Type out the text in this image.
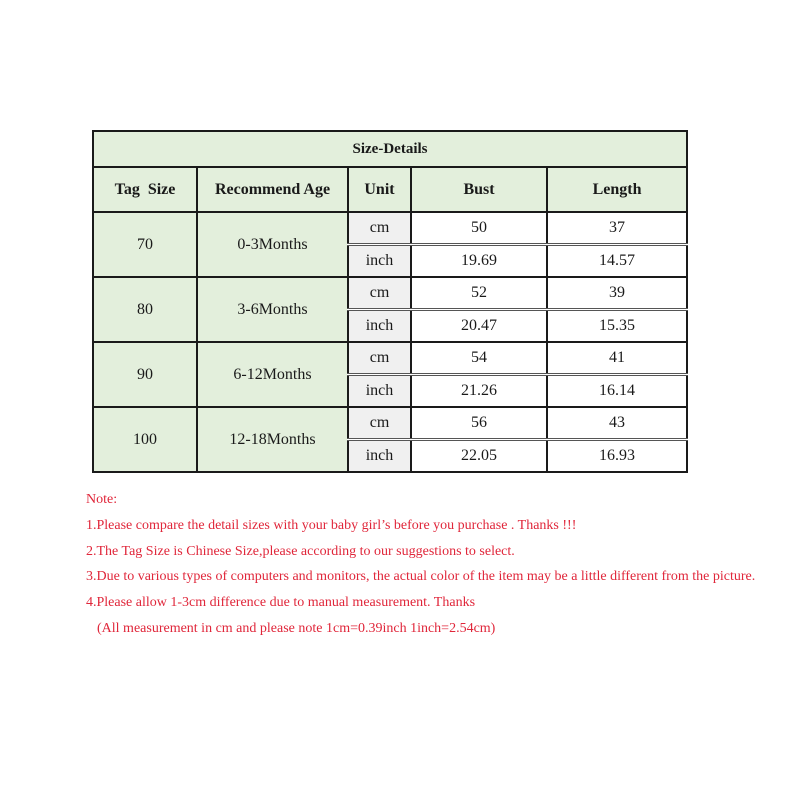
Size-Details				
Tag  Size	Recommend Age	Unit	Bust	Length
70	0-3Months	cm	50	37
		inch	19.69	14.57
80	3-6Months	cm	52	39
		inch	20.47	15.35
90	6-12Months	cm	54	41
		inch	21.26	16.14
100	12-18Months	cm	56	43
		inch	22.05	16.93
Note:
1.Please compare the detail sizes with your baby girl’s before you purchase . Thanks !!!
2.The Tag Size is Chinese Size,please according to our suggestions to select.
3.Due to various types of computers and monitors, the actual color of the item may be a little different from the picture.
4.Please allow 1-3cm difference due to manual measurement. Thanks
(All measurement in cm and please note 1cm=0.39inch 1inch=2.54cm)
